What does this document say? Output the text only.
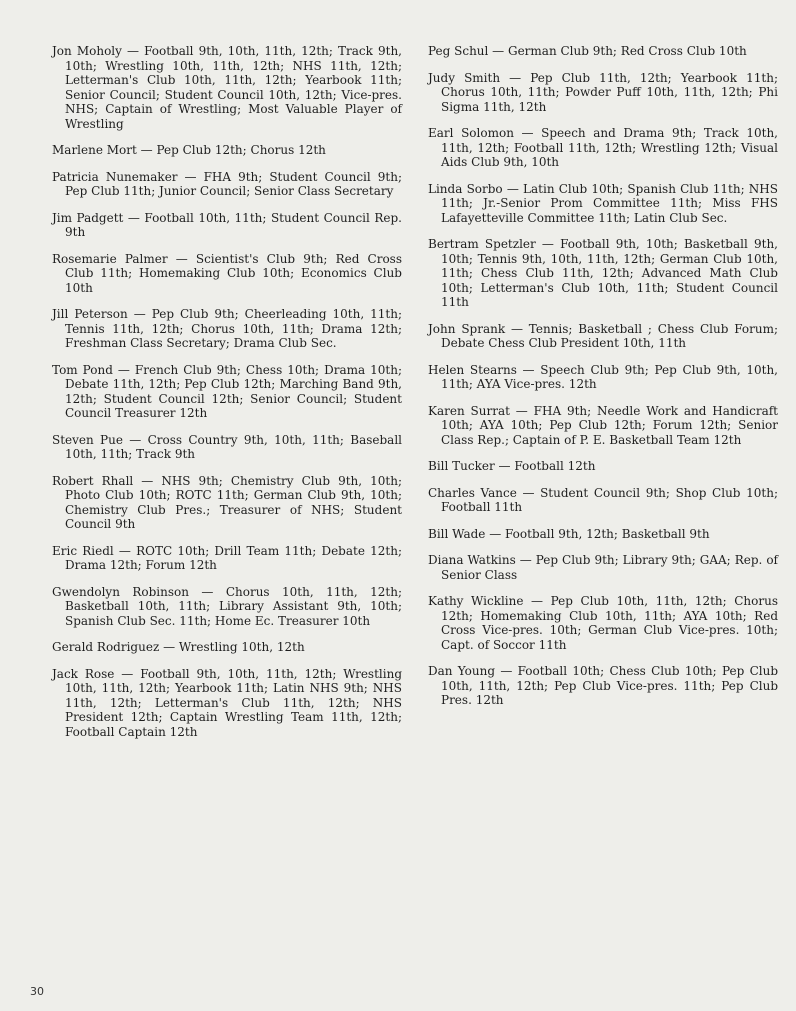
Jon Moholy — Football 9th, 10th, 11th, 12th; Track 9th, 10th; Wrestling 10th, 11th, 12th; NHS 11th, 12th; Letterman's Club 10th, 11th, 12th; Yearbook 11th; Senior Council; Student Council 10th, 12th; Vice-pres. NHS; Captain of Wrestling; Most Valuable Player of Wrestling

Marlene Mort — Pep Club 12th; Chorus 12th

Patricia Nunemaker — FHA 9th; Student Council 9th; Pep Club 11th; Junior Council; Senior Class Secretary

Jim Padgett — Football 10th, 11th; Student Council Rep. 9th

Rosemarie Palmer — Scientist's Club 9th; Red Cross Club 11th; Homemaking Club 10th; Economics Club 10th

Jill Peterson — Pep Club 9th; Cheerleading 10th, 11th; Tennis 11th, 12th; Chorus 10th, 11th; Drama 12th; Freshman Class Secretary; Drama Club Sec.

Tom Pond — French Club 9th; Chess 10th; Drama 10th; Debate 11th, 12th; Pep Club 12th; Marching Band 9th, 12th; Student Council 12th; Senior Council; Student Council Treasurer 12th

Steven Pue — Cross Country 9th, 10th, 11th; Baseball 10th, 11th; Track 9th

Robert Rhall — NHS 9th; Chemistry Club 9th, 10th; Photo Club 10th; ROTC 11th; German Club 9th, 10th; Chemistry Club Pres.; Treasurer of NHS; Student Council 9th

Eric Riedl — ROTC 10th; Drill Team 11th; Debate 12th; Drama 12th; Forum 12th

Gwendolyn Robinson — Chorus 10th, 11th, 12th; Basketball 10th, 11th; Library Assistant 9th, 10th; Spanish Club Sec. 11th; Home Ec. Treasurer 10th

Gerald Rodriguez — Wrestling 10th, 12th

Jack Rose — Football 9th, 10th, 11th, 12th; Wrestling 10th, 11th, 12th; Yearbook 11th; Latin NHS 9th; NHS 11th, 12th; Letterman's Club 11th, 12th; NHS President 12th; Captain Wrestling Team 11th, 12th; Football Captain 12th

Peg Schul — German Club 9th; Red Cross Club 10th

Judy Smith — Pep Club 11th, 12th; Yearbook 11th; Chorus 10th, 11th; Powder Puff 10th, 11th, 12th; Phi Sigma 11th, 12th

Earl Solomon — Speech and Drama 9th; Track 10th, 11th, 12th; Football 11th, 12th; Wrestling 12th; Visual Aids Club 9th, 10th

Linda Sorbo — Latin Club 10th; Spanish Club 11th; NHS 11th; Jr.-Senior Prom Committee 11th; Miss FHS Lafayetteville Committee 11th; Latin Club Sec.

Bertram Spetzler — Football 9th, 10th; Basketball 9th, 10th; Tennis 9th, 10th, 11th, 12th; German Club 10th, 11th; Chess Club 11th, 12th; Advanced Math Club 10th; Letterman's Club 10th, 11th; Student Council 11th

John Sprank — Tennis; Basketball ; Chess Club Forum; Debate Chess Club President 10th, 11th

Helen Stearns — Speech Club 9th; Pep Club 9th, 10th, 11th; AYA Vice-pres. 12th

Karen Surrat — FHA 9th; Needle Work and Handicraft 10th; AYA 10th; Pep Club 12th; Forum 12th; Senior Class Rep.; Captain of P. E. Basketball Team 12th

Bill Tucker — Football 12th

Charles Vance — Student Council 9th; Shop Club 10th; Football 11th

Bill Wade — Football 9th, 12th; Basketball 9th

Diana Watkins — Pep Club 9th; Library 9th; GAA; Rep. of Senior Class

Kathy Wickline — Pep Club 10th, 11th, 12th; Chorus 12th; Homemaking Club 10th, 11th; AYA 10th; Red Cross Vice-pres. 10th; German Club Vice-pres. 10th; Capt. of Soccor 11th

Dan Young — Football 10th; Chess Club 10th; Pep Club 10th, 11th, 12th; Pep Club Vice-pres. 11th; Pep Club Pres. 12th

30
